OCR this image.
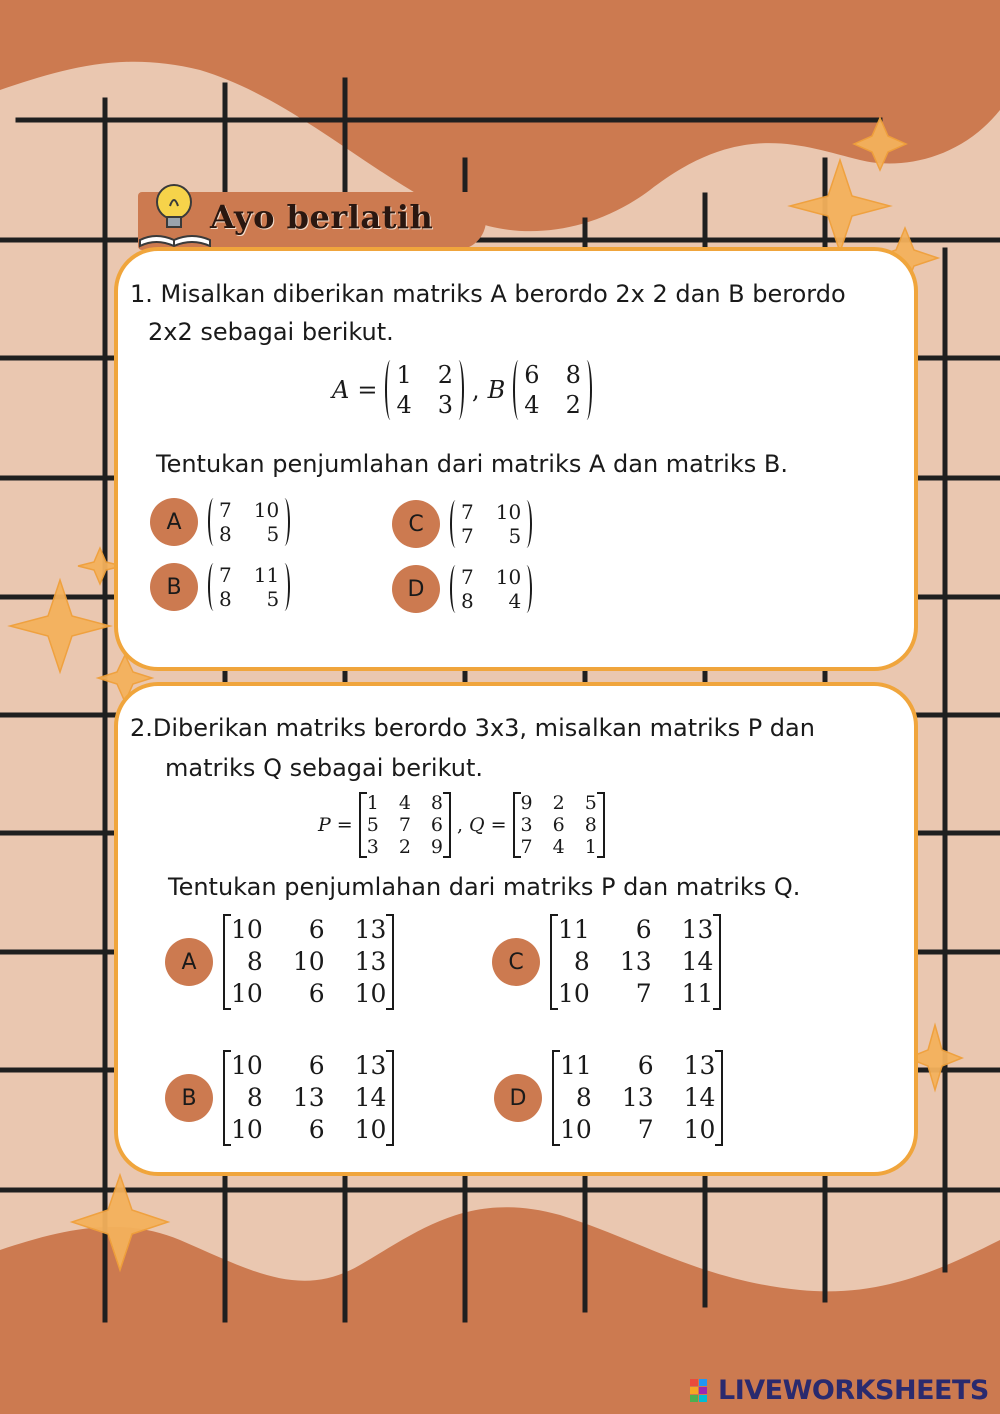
Ayo berlatih
1. Misalkan diberikan matriks A berordo 2x 2 dan B berordo
2x2 sebagai berikut.
A =
1 2
4 3
, B
6 8
4 2
Tentukan penjumlahan dari matriks A dan matriks B.
A	7 10
8	5
B	7 11
8	5
C	7 10
7	5
D	7 10
8	4
2.Diberikan matriks berordo 3x3, misalkan matriks P dan
matriks Q sebagai berikut.
P =
1 4 8
5 7 6
3 2 9
, Q =
9 2 5
3 6 8
7 4 1
Tentukan penjumlahan dari matriks P dan matriks Q.
A
10	6 13
8 10 13
10	6 10
B
10	6 13
8 13 14
10	6 10
C
11	6 13
8 13 14
10	7 11
D
11	6 13
8 13 14
10	7 10
LIVEWORKSHEETS
